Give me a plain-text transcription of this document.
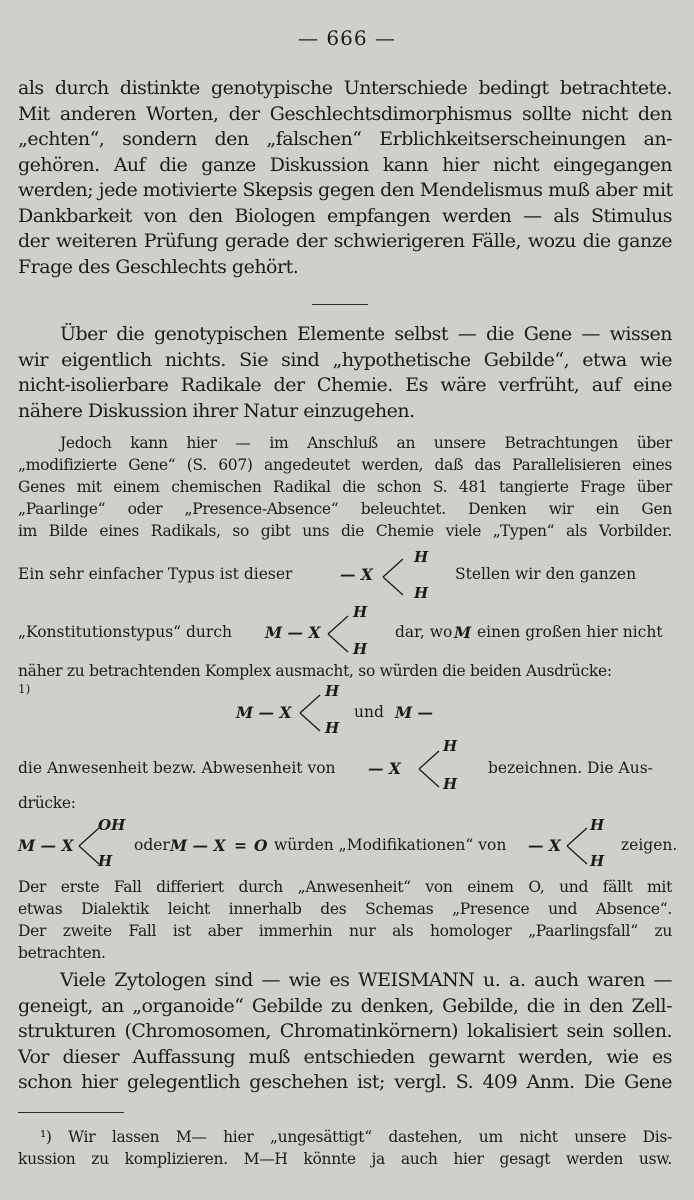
— 666 —
als durch distinkte genotypische Unterschiede bedingt betrachtete.
Mit anderen Worten, der Geschlechtsdimorphismus sollte nicht den
„echten“, sondern den „falschen“ Erblichkeitserscheinungen an-
gehören. Auf die ganze Diskussion kann hier nicht eingegangen
werden; jede motivierte Skepsis gegen den Mendelismus muß aber mit
Dankbarkeit von den Biologen empfangen werden — als Stimulus
der weiteren Prüfung gerade der schwierigeren Fälle, wozu die ganze
Frage des Geschlechts gehört.
Über die genotypischen Elemente selbst — die Gene — wissen
wir eigentlich nichts. Sie sind „hypothetische Gebilde“, etwa wie
nicht-isolierbare Radikale der Chemie. Es wäre verfrüht, auf eine
nähere Diskussion ihrer Natur einzugehen.
Jedoch kann hier — im Anschluß an unsere Betrachtungen über
„modifizierte Gene“ (S. 607) angedeutet werden, daß das Parallelisieren eines
Genes mit einem chemischen Radikal die schon S. 481 tangierte Frage über
„Paarlinge“ oder „Presence-Absence“ beleuchtet. Denken wir ein Gen
im Bilde eines Radikals, so gibt uns die Chemie viele „Typen“ als Vorbilder.
Ein sehr einfacher Typus ist dieser	— X
H
H
Stellen wir den ganzen
„Konstitutionstypus“ durch M — X
H
H
dar, wo M einen großen hier nicht
näher zu betrachtenden Komplex ausmacht, so würden die beiden Ausdrücke:
M — X
H
H
und M —
$^{1)}$
die Anwesenheit bezw. Abwesenheit von — X
H
H
bezeichnen. Die Aus-
drücke:
M — X
OH
H
oder M — X = O würden „Modifikationen“ von — X
H
H
zeigen.
Der erste Fall differiert durch „Anwesenheit“ von einem O, und fällt mit
etwas Dialektik leicht innerhalb des Schemas „Presence und Absence“.
Der zweite Fall ist aber immerhin nur als homologer „Paarlingsfall“ zu
betrachten.
Viele Zytologen sind — wie es WEISMANN u. a. auch waren —
geneigt, an „organoide“ Gebilde zu denken, Gebilde, die in den Zell-
strukturen (Chromosomen, Chromatinkörnern) lokalisiert sein sollen.
Vor dieser Auffassung muß entschieden gewarnt werden, wie es
schon hier gelegentlich geschehen ist; vergl. S. 409 Anm. Die Gene
¹) Wir lassen M— hier „ungesättigt“ dastehen, um nicht unsere Dis-
kussion zu komplizieren. M—H könnte ja auch hier gesagt werden usw.
